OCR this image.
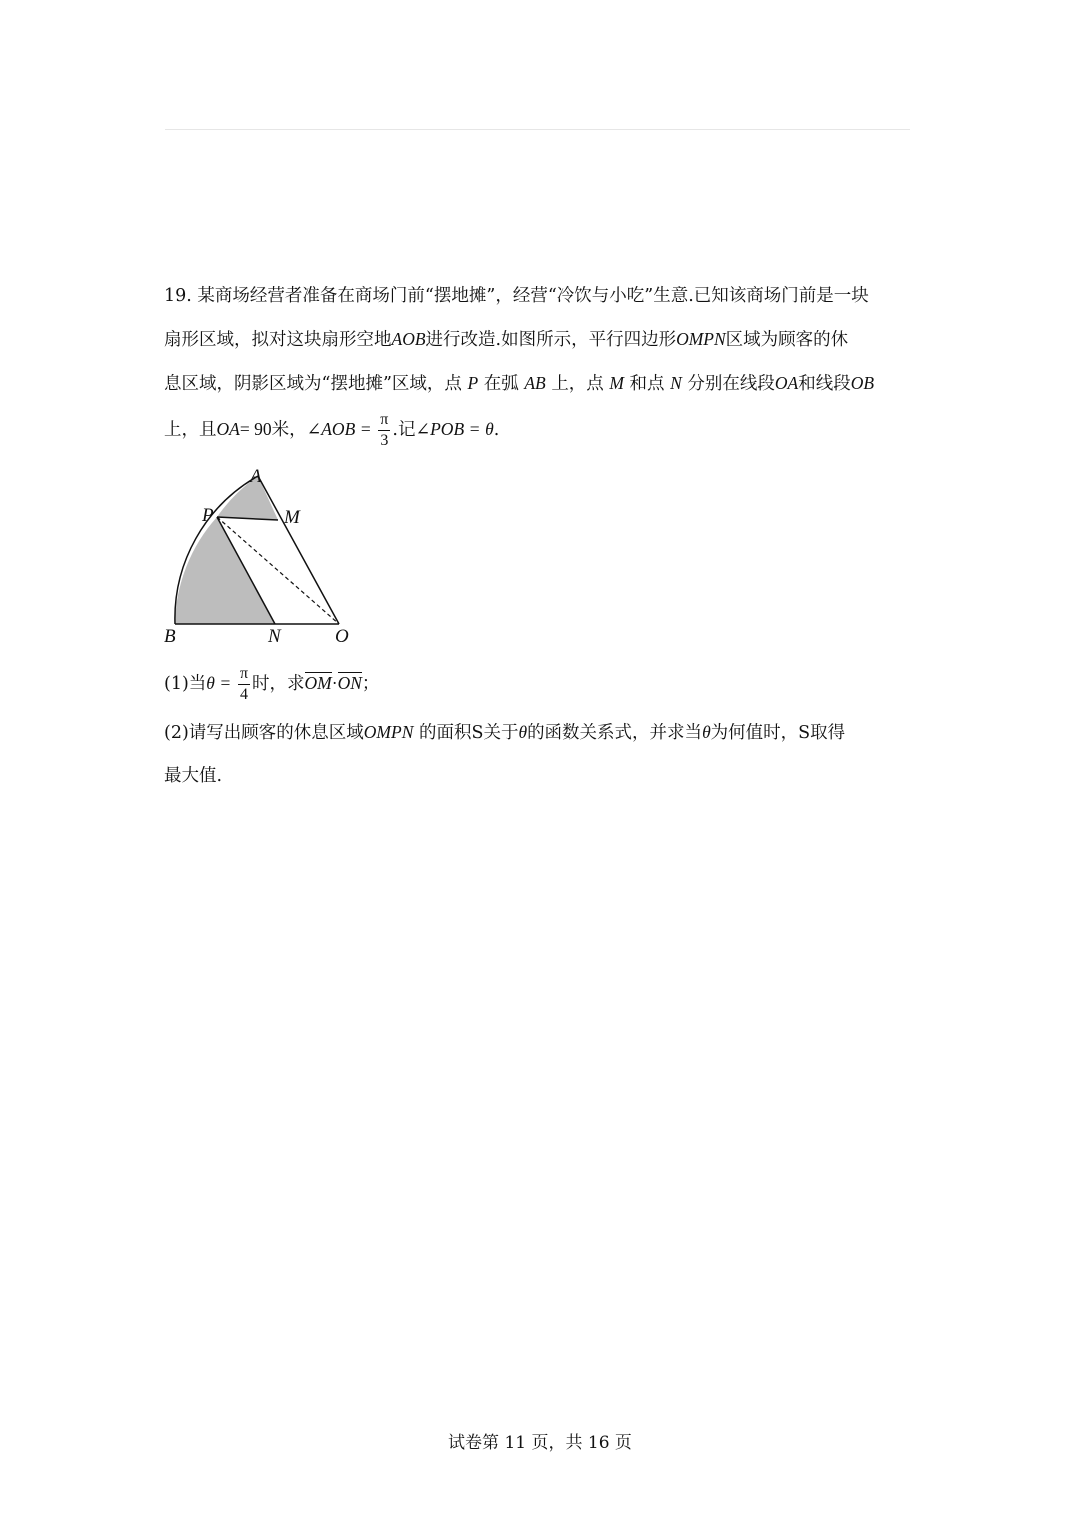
19. 某商场经营者准备在商场门前“摆地摊”，经营“冷饮与小吃”生意.已知该商场门前是一块
扇形区域，拟对这块扇形空地AOB进行改造.如图所示，平行四边形OMPN区域为顾客的休
息区域，阴影区域为“摆地摊”区域，点 P 在弧 AB 上，点 M 和点 N 分别在线段OA和线段OB
上，且OA= 90米，∠AOB = $\frac{\pi}{3}$ .记∠POB = θ.
A
P	M
B	N	O
(1)当$\theta = \frac{\pi}{4}$ 时，求OM·ON；
(2)请写出顾客的休息区域OMPN 的面积S关于θ的函数关系式，并求当θ为何值时，S取得
最大值.
试卷第 11 页，共 16 页
